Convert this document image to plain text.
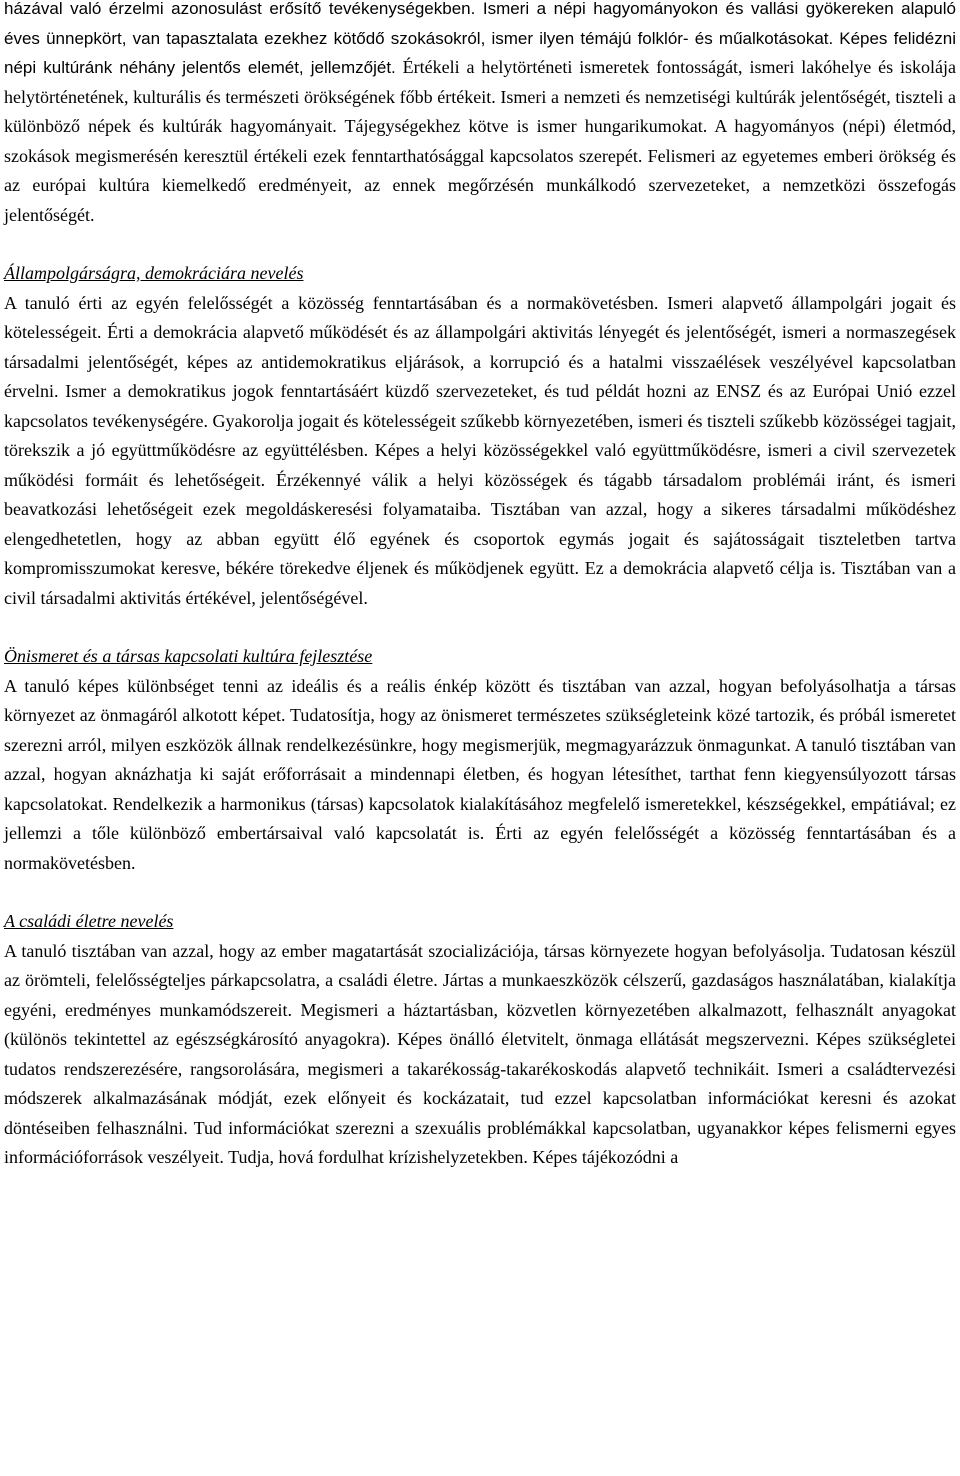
házával való érzelmi azonosulást erősítő tevékenységekben. Ismeri a népi hagyományokon és vallási gyökereken alapuló éves ünnepkört, van tapasztalata ezekhez kötődő szokásokról, ismer ilyen témájú folklór- és műalkotásokat. Képes felidézni népi kultúránk néhány jelentős elemét, jellemzőjét. Értékeli a helytörténeti ismeretek fontosságát, ismeri lakóhelye és iskolája helytörténetének, kulturális és természeti örökségének főbb értékeit. Ismeri a nemzeti és nemzetiségi kultúrák jelentőségét, tiszteli a különböző népek és kultúrák hagyományait. Tájegységekhez kötve is ismer hungarikumokat. A hagyományos (népi) életmód, szokások megismerésén keresztül értékeli ezek fenntarthatósággal kapcsolatos szerepét. Felismeri az egyetemes emberi örökség és az európai kultúra kiemelkedő eredményeit, az ennek megőrzésén munkálkodó szervezeteket, a nemzetközi összefogás jelentőségét.

Állampolgárságra, demokráciára nevelés

A tanuló érti az egyén felelősségét a közösség fenntartásában és a normakövetésben. Ismeri alapvető állampolgári jogait és kötelességeit. Érti a demokrácia alapvető működését és az állampolgári aktivitás lényegét és jelentőségét, ismeri a normaszegések társadalmi jelentőségét, képes az antidemokratikus eljárások, a korrupció és a hatalmi visszaélések veszélyével kapcsolatban érvelni. Ismer a demokratikus jogok fenntartásáért küzdő szervezeteket, és tud példát hozni az ENSZ és az Európai Unió ezzel kapcsolatos tevékenységére. Gyakorolja jogait és kötelességeit szűkebb környezetében, ismeri és tiszteli szűkebb közösségei tagjait, törekszik a jó együttműködésre az együttélésben. Képes a helyi közösségekkel való együttműködésre, ismeri a civil szervezetek működési formáit és lehetőségeit. Érzékennyé válik a helyi közösségek és tágabb társadalom problémái iránt, és ismeri beavatkozási lehetőségeit ezek megoldáskeresési folyamataiba. Tisztában van azzal, hogy a sikeres társadalmi működéshez elengedhetetlen, hogy az abban együtt élő egyének és csoportok egymás jogait és sajátosságait tiszteletben tartva kompromisszumokat keresve, békére törekedve éljenek és működjenek együtt. Ez a demokrácia alapvető célja is. Tisztában van a civil társadalmi aktivitás értékével, jelentőségével.

Önismeret és a társas kapcsolati kultúra fejlesztése

A tanuló képes különbséget tenni az ideális és a reális énkép között és tisztában van azzal, hogyan befolyásolhatja a társas környezet az önmagáról alkotott képet. Tudatosítja, hogy az önismeret természetes szükségleteink közé tartozik, és próbál ismeretet szerezni arról, milyen eszközök állnak rendelkezésünkre, hogy megismerjük, megmagyarázzuk önmagunkat. A tanuló tisztában van azzal, hogyan aknázhatja ki saját erőforrásait a mindennapi életben, és hogyan létesíthet, tarthat fenn kiegyensúlyozott társas kapcsolatokat. Rendelkezik a harmonikus (társas) kapcsolatok kialakításához megfelelő ismeretekkel, készségekkel, empátiával; ez jellemzi a tőle különböző embertársaival való kapcsolatát is. Érti az egyén felelősségét a közösség fenntartásában és a normakövetésben.

A családi életre nevelés

A tanuló tisztában van azzal, hogy az ember magatartását szocializációja, társas környezete hogyan befolyásolja. Tudatosan készül az örömteli, felelősségteljes párkapcsolatra, a családi életre. Jártas a munkaeszközök célszerű, gazdaságos használatában, kialakítja egyéni, eredményes munkamódszereit. Megismeri a háztartásban, közvetlen környezetében alkalmazott, felhasznált anyagokat (különös tekintettel az egészségkárosító anyagokra). Képes önálló életvitelt, önmaga ellátását megszervezni. Képes szükségletei tudatos rendszerezésére, rangsorolására, megismeri a takarékosság-takarékoskodás alapvető technikáit. Ismeri a családtervezési módszerek alkalmazásának módját, ezek előnyeit és kockázatait, tud ezzel kapcsolatban információkat keresni és azokat döntéseiben felhasználni. Tud információkat szerezni a szexuális problémákkal kapcsolatban, ugyanakkor képes felismerni egyes információforrások veszélyeit. Tudja, hová fordulhat krízishelyzetekben. Képes tájékozódni a
